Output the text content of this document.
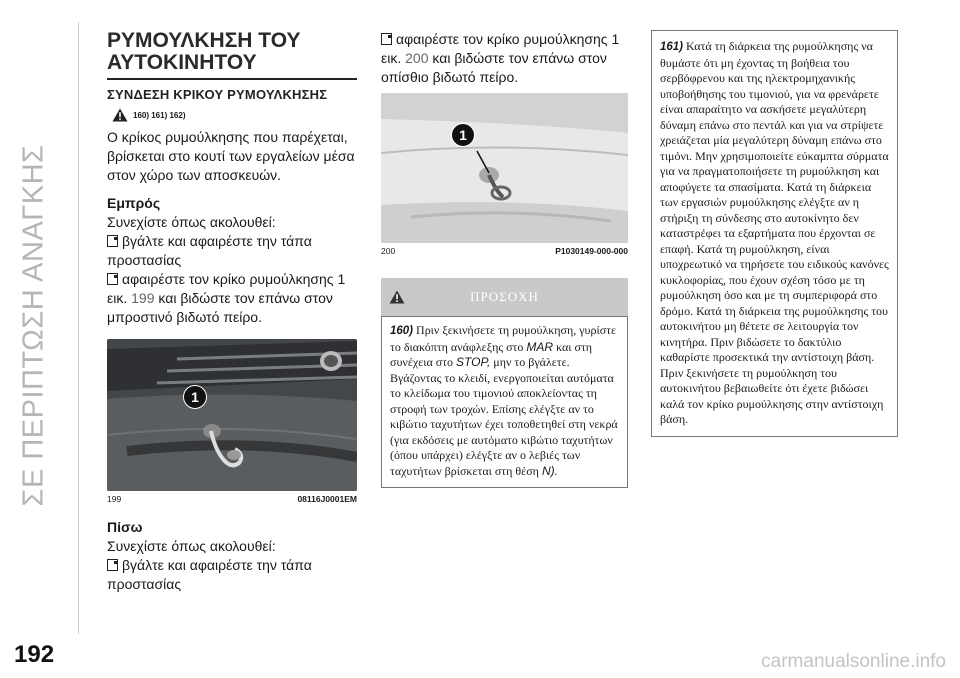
ΣΕ ΠΕΡΙΠΤΩΣΗ ΑΝΑΓΚΗΣ
192
ΡΥΜΟΥΛΚΗΣΗ ΤΟΥ ΑΥΤΟΚΙΝΗΤΟΥ
ΣΥΝΔΕΣΗ ΚΡΙΚΟΥ ΡΥΜΟΥΛΚΗΣΗΣ
160) 161) 162)

Ο κρίκος ρυμούλκησης που παρέχεται, βρίσκεται στο κουτί των εργαλείων μέσα στον χώρο των αποσκευών.

Εμπρός

Συνεχίστε όπως ακολουθεί:

βγάλτε και αφαιρέστε την τάπα προστασίας

αφαιρέστε τον κρίκο ρυμούλκησης 1 εικ. 199 και βιδώστε τον επάνω στον μπροστινό βιδωτό πείρο.

1
199	08116J0001EM
Πίσω

Συνεχίστε όπως ακολουθεί:

βγάλτε και αφαιρέστε την τάπα προστασίας

αφαιρέστε τον κρίκο ρυμούλκησης 1 εικ. 200 και βιδώστε τον επάνω στον οπίσθιο βιδωτό πείρο.

1
200	P1030149-000-000
ΠΡΟΣΟΧΗ
160) Πριν ξεκινήσετε τη ρυμούλκηση, γυρίστε το διακόπτη ανάφλεξης στο MAR και στη συνέχεια στο STOP, μην το βγάλετε. Βγάζοντας το κλειδί, ενεργοποιείται αυτόματα το κλείδωμα του τιμονιού αποκλείοντας τη στροφή των τροχών. Επίσης ελέγξτε αν το κιβώτιο ταχυτήτων έχει τοποθετηθεί στη νεκρά (για εκδόσεις με αυτόματο κιβώτιο ταχυτήτων (όπου υπάρχει) ελέγξτε αν ο λεβιές των ταχυτήτων βρίσκεται στη θέση N).
161) Κατά τη διάρκεια της ρυμούλκησης να θυμάστε ότι μη έχοντας τη βοήθεια του σερβόφρενου και της ηλεκτρομηχανικής υποβοήθησης του τιμονιού, για να φρενάρετε είναι απαραίτητο να ασκήσετε μεγαλύτερη δύναμη επάνω στο πεντάλ και για να στρίψετε χρειάζεται μία μεγαλύτερη δύναμη επάνω στο τιμόνι. Μην χρησιμοποιείτε εύκαμπτα σύρματα για να πραγματοποιήσετε τη ρυμούλκηση και αποφύγετε τα σπασίματα. Κατά τη διάρκεια των εργασιών ρυμούλκησης ελέγξτε αν η στήριξη τη σύνδεσης στο αυτοκίνητο δεν καταστρέφει τα εξαρτήματα που έρχονται σε επαφή. Κατά τη ρυμούλκηση, είναι υποχρεωτικό να τηρήσετε του ειδικούς κανόνες κυκλοφορίας, που έχουν σχέση τόσο με τη ρυμούλκηση όσο και με τη συμπεριφορά στο δρόμο. Κατά τη διάρκεια της ρυμούλκησης του αυτοκινήτου μη θέτετε σε λειτουργία τον κινητήρα. Πριν βιδώσετε το δακτύλιο καθαρίστε προσεκτικά την αντίστοιχη βάση. Πριν ξεκινήσετε τη ρυμούλκηση του αυτοκινήτου βεβαιωθείτε ότι έχετε βιδώσει καλά τον κρίκο ρυμούλκησης στην αντίστοιχη βάση.
carmanualsonline.info
